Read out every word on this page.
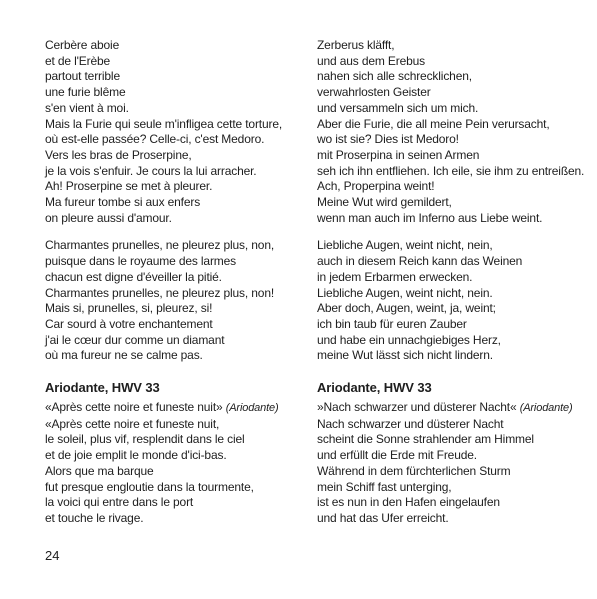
Cerbère aboie
et de l'Erèbe
partout terrible
une furie blême
s'en vient à moi.
Mais la Furie qui seule m'infligea cette torture,
où est-elle passée? Celle-ci, c'est Medoro.
Vers les bras de Proserpine,
je la vois s'enfuir. Je cours la lui arracher.
Ah! Proserpine se met à pleurer.
Ma fureur tombe si aux enfers
on pleure aussi d'amour.
Charmantes prunelles, ne pleurez plus, non,
puisque dans le royaume des larmes
chacun est digne d'éveiller la pitié.
Charmantes prunelles, ne pleurez plus, non!
Mais si, prunelles, si, pleurez, si!
Car sourd à votre enchantement
j'ai le cœur dur comme un diamant
où ma fureur ne se calme pas.
Ariodante, HWV 33
«Après cette noire et funeste nuit» (Ariodante)
«Après cette noire et funeste nuit,
le soleil, plus vif, resplendit dans le ciel
et de joie emplit le monde d'ici-bas.
Alors que ma barque
fut presque engloutie dans la tourmente,
la voici qui entre dans le port
et touche le rivage.
Zerberus kläfft,
und aus dem Erebus
nahen sich alle schrecklichen,
verwahrlosten Geister
und versammeln sich um mich.
Aber die Furie, die all meine Pein verursacht,
wo ist sie? Dies ist Medoro!
mit Proserpina in seinen Armen
seh ich ihn entfliehen. Ich eile, sie ihm zu entreißen.
Ach, Properpina weint!
Meine Wut wird gemildert,
wenn man auch im Inferno aus Liebe weint.
Liebliche Augen, weint nicht, nein,
auch in diesem Reich kann das Weinen
in jedem Erbarmen erwecken.
Liebliche Augen, weint nicht, nein.
Aber doch, Augen, weint, ja, weint;
ich bin taub für euren Zauber
und habe ein unnachgiebiges Herz,
meine Wut lässt sich nicht lindern.
Ariodante, HWV 33
»Nach schwarzer und düsterer Nacht« (Ariodante)
Nach schwarzer und düsterer Nacht
scheint die Sonne strahlender am Himmel
und erfüllt die Erde mit Freude.
Während in dem fürchterlichen Sturm
mein Schiff fast unterging,
ist es nun in den Hafen eingelaufen
und hat das Ufer erreicht.
24
